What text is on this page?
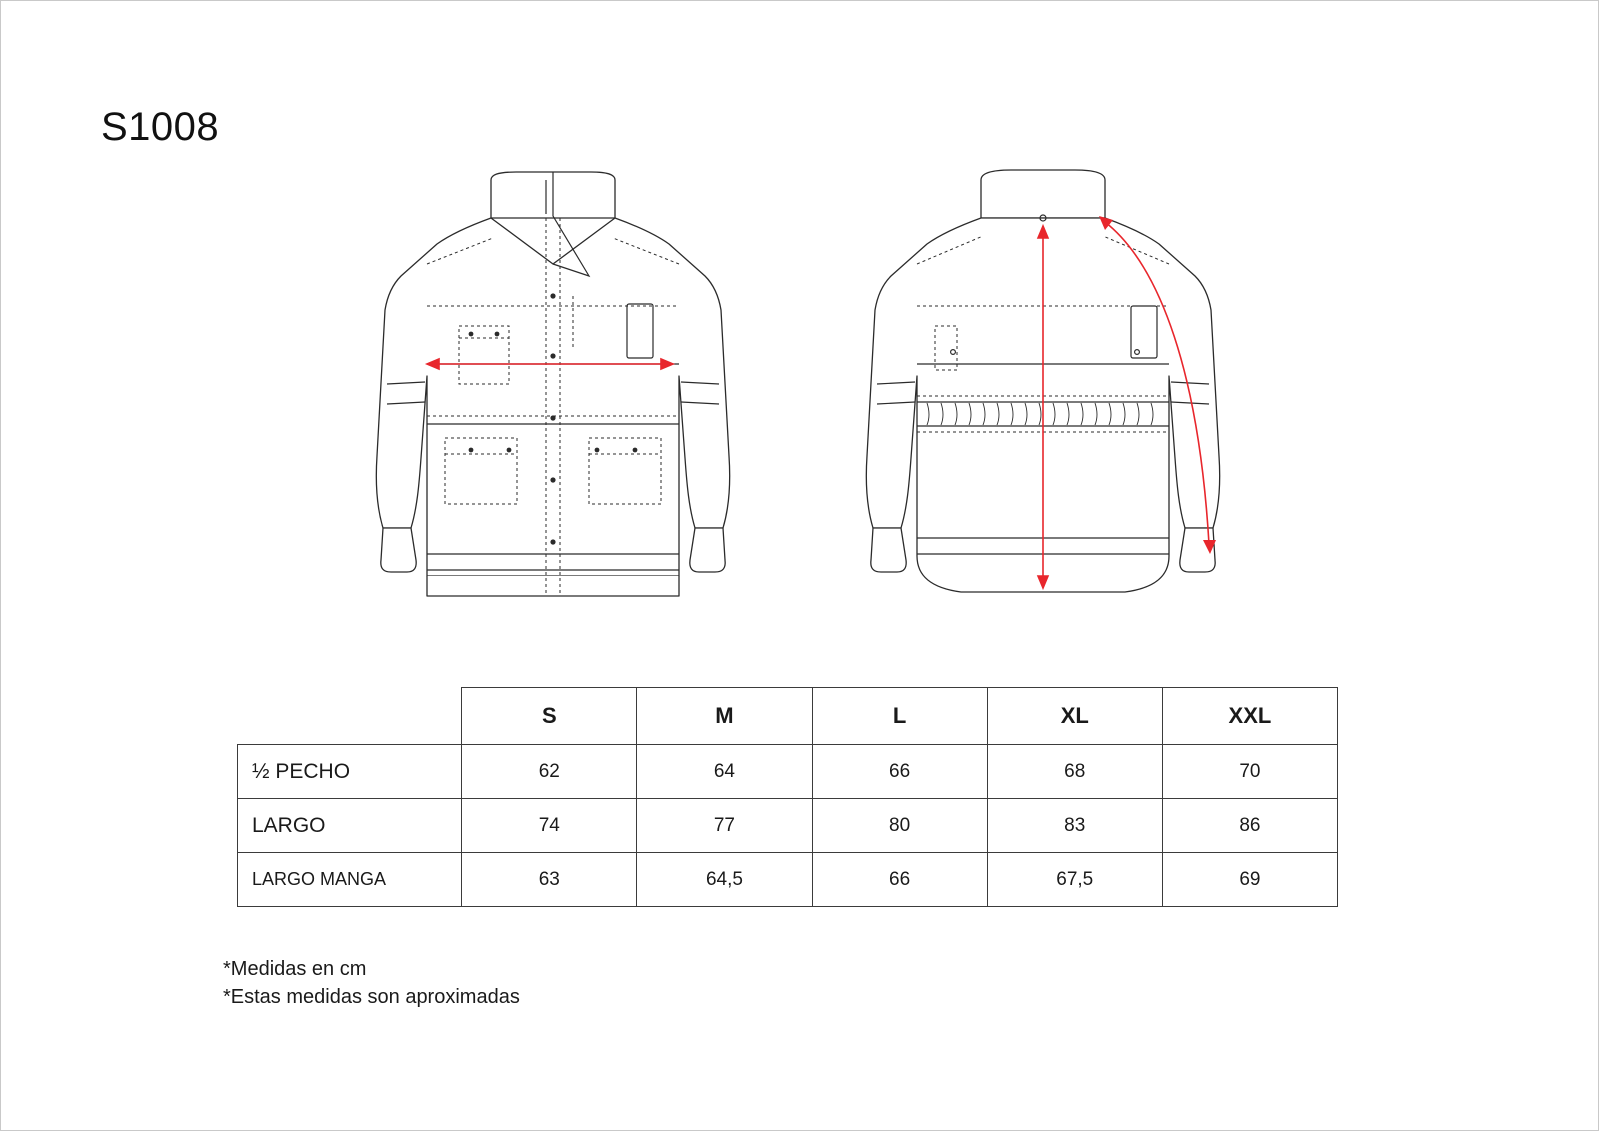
S1008
	S	M	L	XL	XXL
½ PECHO	62	64	66	68	70
LARGO	74	77	80	83	86
LARGO MANGA	63	64,5	66	67,5	69
*Medidas en cm
*Estas medidas son aproximadas
